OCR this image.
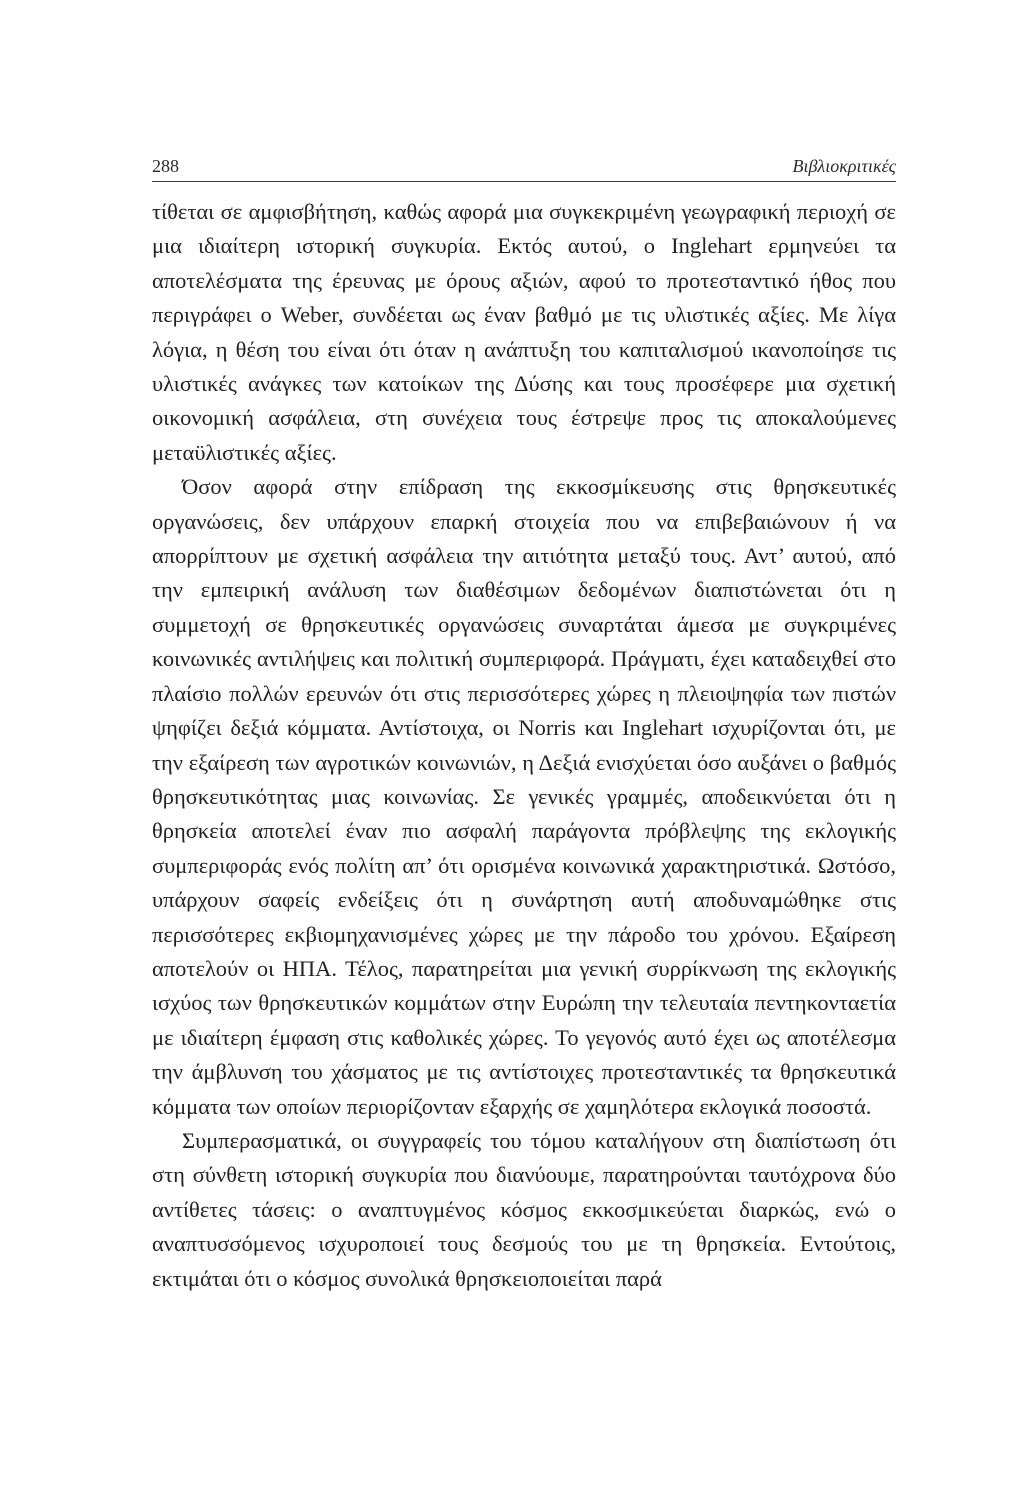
288	Βιβλιοκριτικές

τίθεται σε αμφισβήτηση, καθώς αφορά μια συγκεκριμένη γεωγραφική περιοχή σε μια ιδιαίτερη ιστορική συγκυρία. Εκτός αυτού, ο Inglehart ερμηνεύει τα αποτελέσματα της έρευνας με όρους αξιών, αφού το προτεσταντικό ήθος που περιγράφει ο Weber, συνδέεται ως έναν βαθμό με τις υλιστικές αξίες. Με λίγα λόγια, η θέση του είναι ότι όταν η ανάπτυξη του καπιταλισμού ικανοποίησε τις υλιστικές ανάγκες των κατοίκων της Δύσης και τους προσέφερε μια σχετική οικονομική ασφάλεια, στη συνέχεια τους έστρεψε προς τις αποκαλούμενες μεταϋλιστικές αξίες.

Όσον αφορά στην επίδραση της εκκοσμίκευσης στις θρησκευτικές οργανώσεις, δεν υπάρχουν επαρκή στοιχεία που να επιβεβαιώνουν ή να απορρίπτουν με σχετική ασφάλεια την αιτιότητα μεταξύ τους. Αντ’ αυτού, από την εμπειρική ανάλυση των διαθέσιμων δεδομένων διαπιστώνεται ότι η συμμετοχή σε θρησκευτικές οργανώσεις συναρτάται άμεσα με συγκριμένες κοινωνικές αντιλήψεις και πολιτική συμπεριφορά. Πράγματι, έχει καταδειχθεί στο πλαίσιο πολλών ερευνών ότι στις περισσότερες χώρες η πλειοψηφία των πιστών ψηφίζει δεξιά κόμματα. Αντίστοιχα, οι Norris και Inglehart ισχυρίζονται ότι, με την εξαίρεση των αγροτικών κοινωνιών, η Δεξιά ενισχύεται όσο αυξάνει ο βαθμός θρησκευτικότητας μιας κοινωνίας. Σε γενικές γραμμές, αποδεικνύεται ότι η θρησκεία αποτελεί έναν πιο ασφαλή παράγοντα πρόβλεψης της εκλογικής συμπεριφοράς ενός πολίτη απ’ ότι ορισμένα κοινωνικά χαρακτηριστικά. Ωστόσο, υπάρχουν σαφείς ενδείξεις ότι η συνάρτηση αυτή αποδυναμώθηκε στις περισσότερες εκβιομηχανισμένες χώρες με την πάροδο του χρόνου. Εξαίρεση αποτελούν οι ΗΠΑ. Τέλος, παρατηρείται μια γενική συρρίκνωση της εκλογικής ισχύος των θρησκευτικών κομμάτων στην Ευρώπη την τελευταία πεντηκονταετία με ιδιαίτερη έμφαση στις καθολικές χώρες. Το γεγονός αυτό έχει ως αποτέλεσμα την άμβλυνση του χάσματος με τις αντίστοιχες προτεσταντικές τα θρησκευτικά κόμματα των οποίων περιορίζονταν εξαρχής σε χαμηλότερα εκλογικά ποσοστά.

Συμπερασματικά, οι συγγραφείς του τόμου καταλήγουν στη διαπίστωση ότι στη σύνθετη ιστορική συγκυρία που διανύουμε, παρατηρούνται ταυτόχρονα δύο αντίθετες τάσεις: ο αναπτυγμένος κόσμος εκκοσμικεύεται διαρκώς, ενώ ο αναπτυσσόμενος ισχυροποιεί τους δεσμούς του με τη θρησκεία. Εντούτοις, εκτιμάται ότι ο κόσμος συνολικά θρησκειοποιείται παρά
